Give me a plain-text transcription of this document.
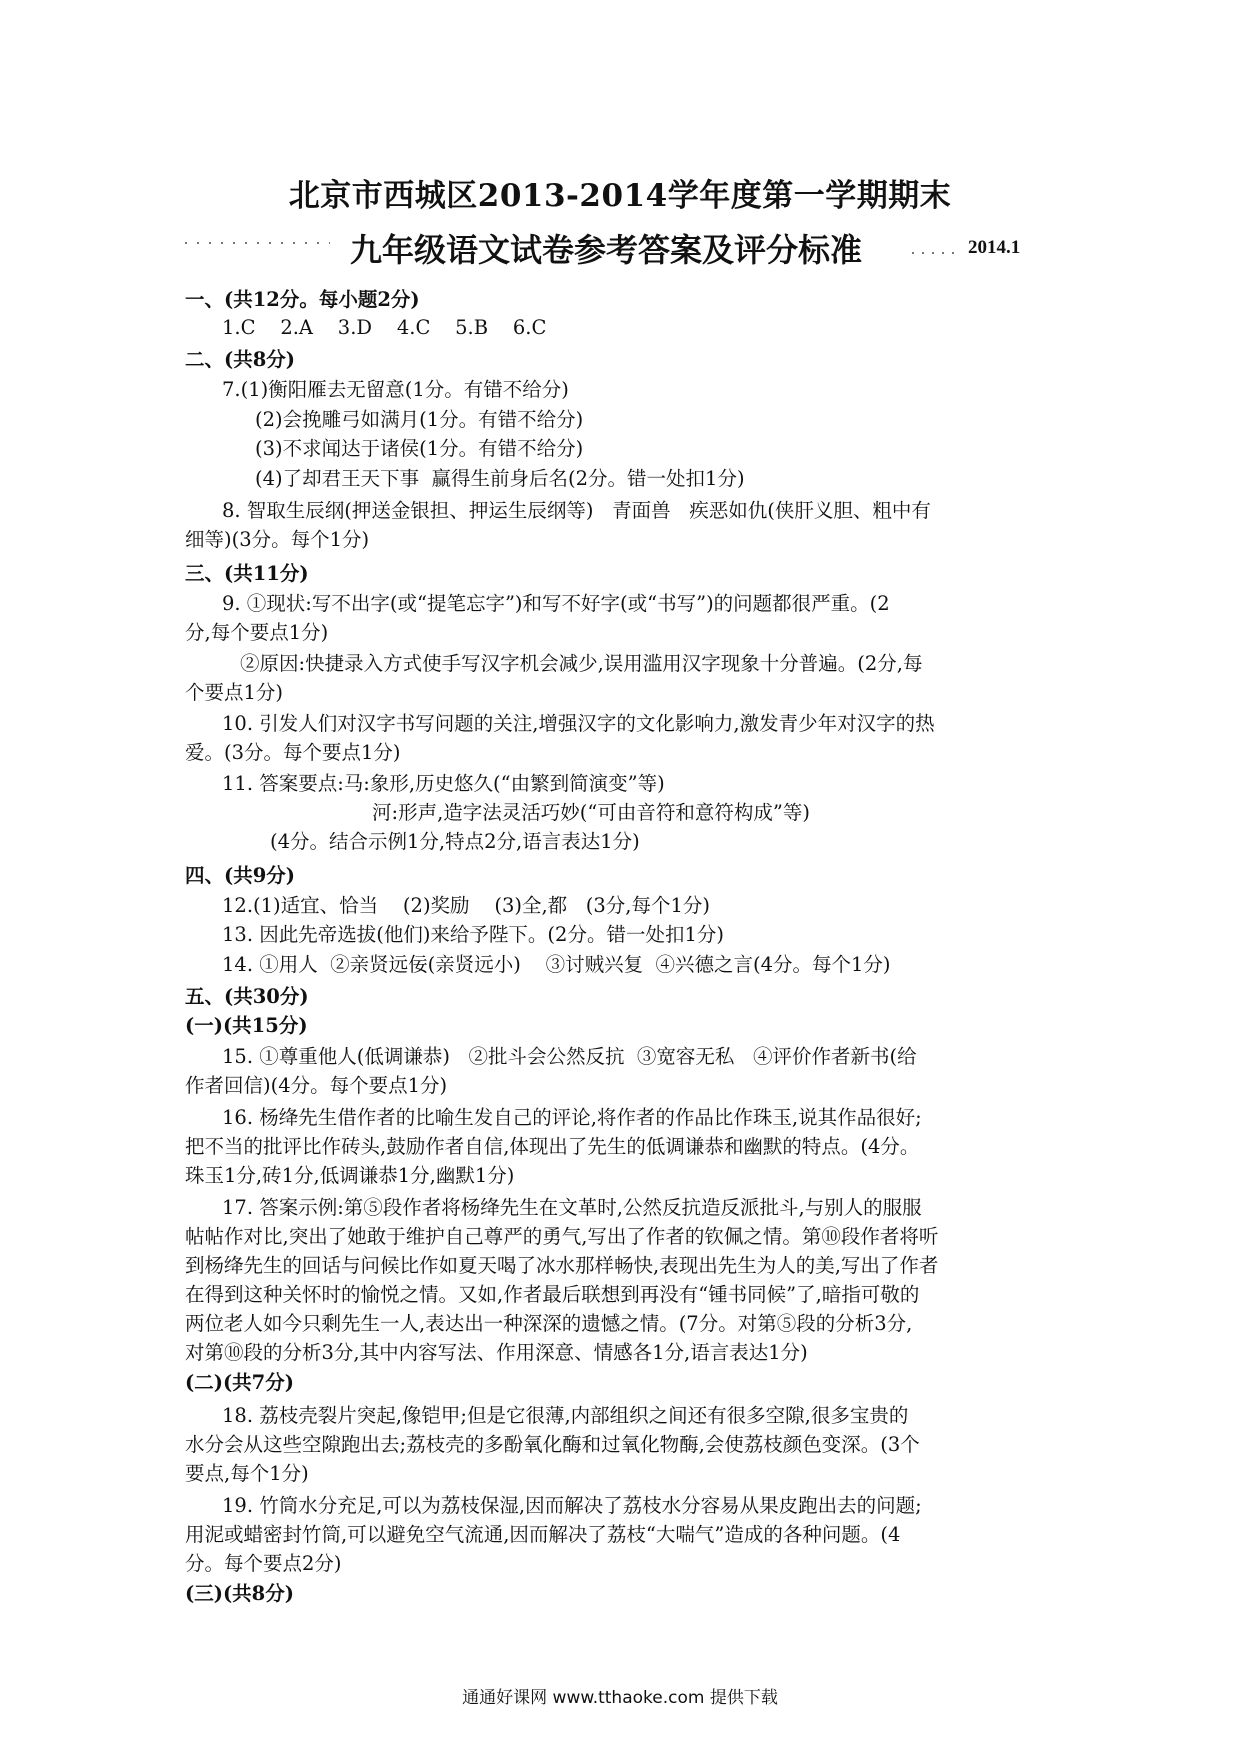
北京市西城区2013-2014学年度第一学期期末
九年级语文试卷参考答案及评分标准	2014.1
一、(共12分。每小题2分)
1.C    2.A    3.D    4.C    5.B    6.C
二、(共8分)
7.(1)衡阳雁去无留意(1分。有错不给分)
(2)会挽雕弓如满月(1分。有错不给分)
(3)不求闻达于诸侯(1分。有错不给分)
(4)了却君王天下事  赢得生前身后名(2分。错一处扣1分)
8. 智取生辰纲(押送金银担、押运生辰纲等)   青面兽   疾恶如仇(侠肝义胆、粗中有
细等)(3分。每个1分)
三、(共11分)
9. ①现状:写不出字(或“提笔忘字”)和写不好字(或“书写”)的问题都很严重。(2
分,每个要点1分)
②原因:快捷录入方式使手写汉字机会减少,误用滥用汉字现象十分普遍。(2分,每
个要点1分)
10. 引发人们对汉字书写问题的关注,增强汉字的文化影响力,激发青少年对汉字的热
爱。(3分。每个要点1分)
11. 答案要点:马:象形,历史悠久(“由繁到简演变”等)
河:形声,造字法灵活巧妙(“可由音符和意符构成”等)
(4分。结合示例1分,特点2分,语言表达1分)
四、(共9分)
12.(1)适宜、恰当    (2)奖励    (3)全,都   (3分,每个1分)
13. 因此先帝选拔(他们)来给予陛下。(2分。错一处扣1分)
14. ①用人  ②亲贤远佞(亲贤远小)    ③讨贼兴复  ④兴德之言(4分。每个1分)
五、(共30分)
(一)(共15分)
15. ①尊重他人(低调谦恭)   ②批斗会公然反抗  ③宽容无私   ④评价作者新书(给
作者回信)(4分。每个要点1分)
16. 杨绛先生借作者的比喻生发自己的评论,将作者的作品比作珠玉,说其作品很好;
把不当的批评比作砖头,鼓励作者自信,体现出了先生的低调谦恭和幽默的特点。(4分。
珠玉1分,砖1分,低调谦恭1分,幽默1分)
17. 答案示例:第⑤段作者将杨绛先生在文革时,公然反抗造反派批斗,与别人的服服
帖帖作对比,突出了她敢于维护自己尊严的勇气,写出了作者的钦佩之情。第⑩段作者将听
到杨绛先生的回话与问候比作如夏天喝了冰水那样畅快,表现出先生为人的美,写出了作者
在得到这种关怀时的愉悦之情。又如,作者最后联想到再没有“锺书同候”了,暗指可敬的
两位老人如今只剩先生一人,表达出一种深深的遗憾之情。(7分。对第⑤段的分析3分,
对第⑩段的分析3分,其中内容写法、作用深意、情感各1分,语言表达1分)
(二)(共7分)
18. 荔枝壳裂片突起,像铠甲;但是它很薄,内部组织之间还有很多空隙,很多宝贵的
水分会从这些空隙跑出去;荔枝壳的多酚氧化酶和过氧化物酶,会使荔枝颜色变深。(3个
要点,每个1分)
19. 竹筒水分充足,可以为荔枝保湿,因而解决了荔枝水分容易从果皮跑出去的问题;
用泥或蜡密封竹筒,可以避免空气流通,因而解决了荔枝“大喘气”造成的各种问题。(4
分。每个要点2分)
(三)(共8分)
通通好课网 www.tthaoke.com 提供下载
